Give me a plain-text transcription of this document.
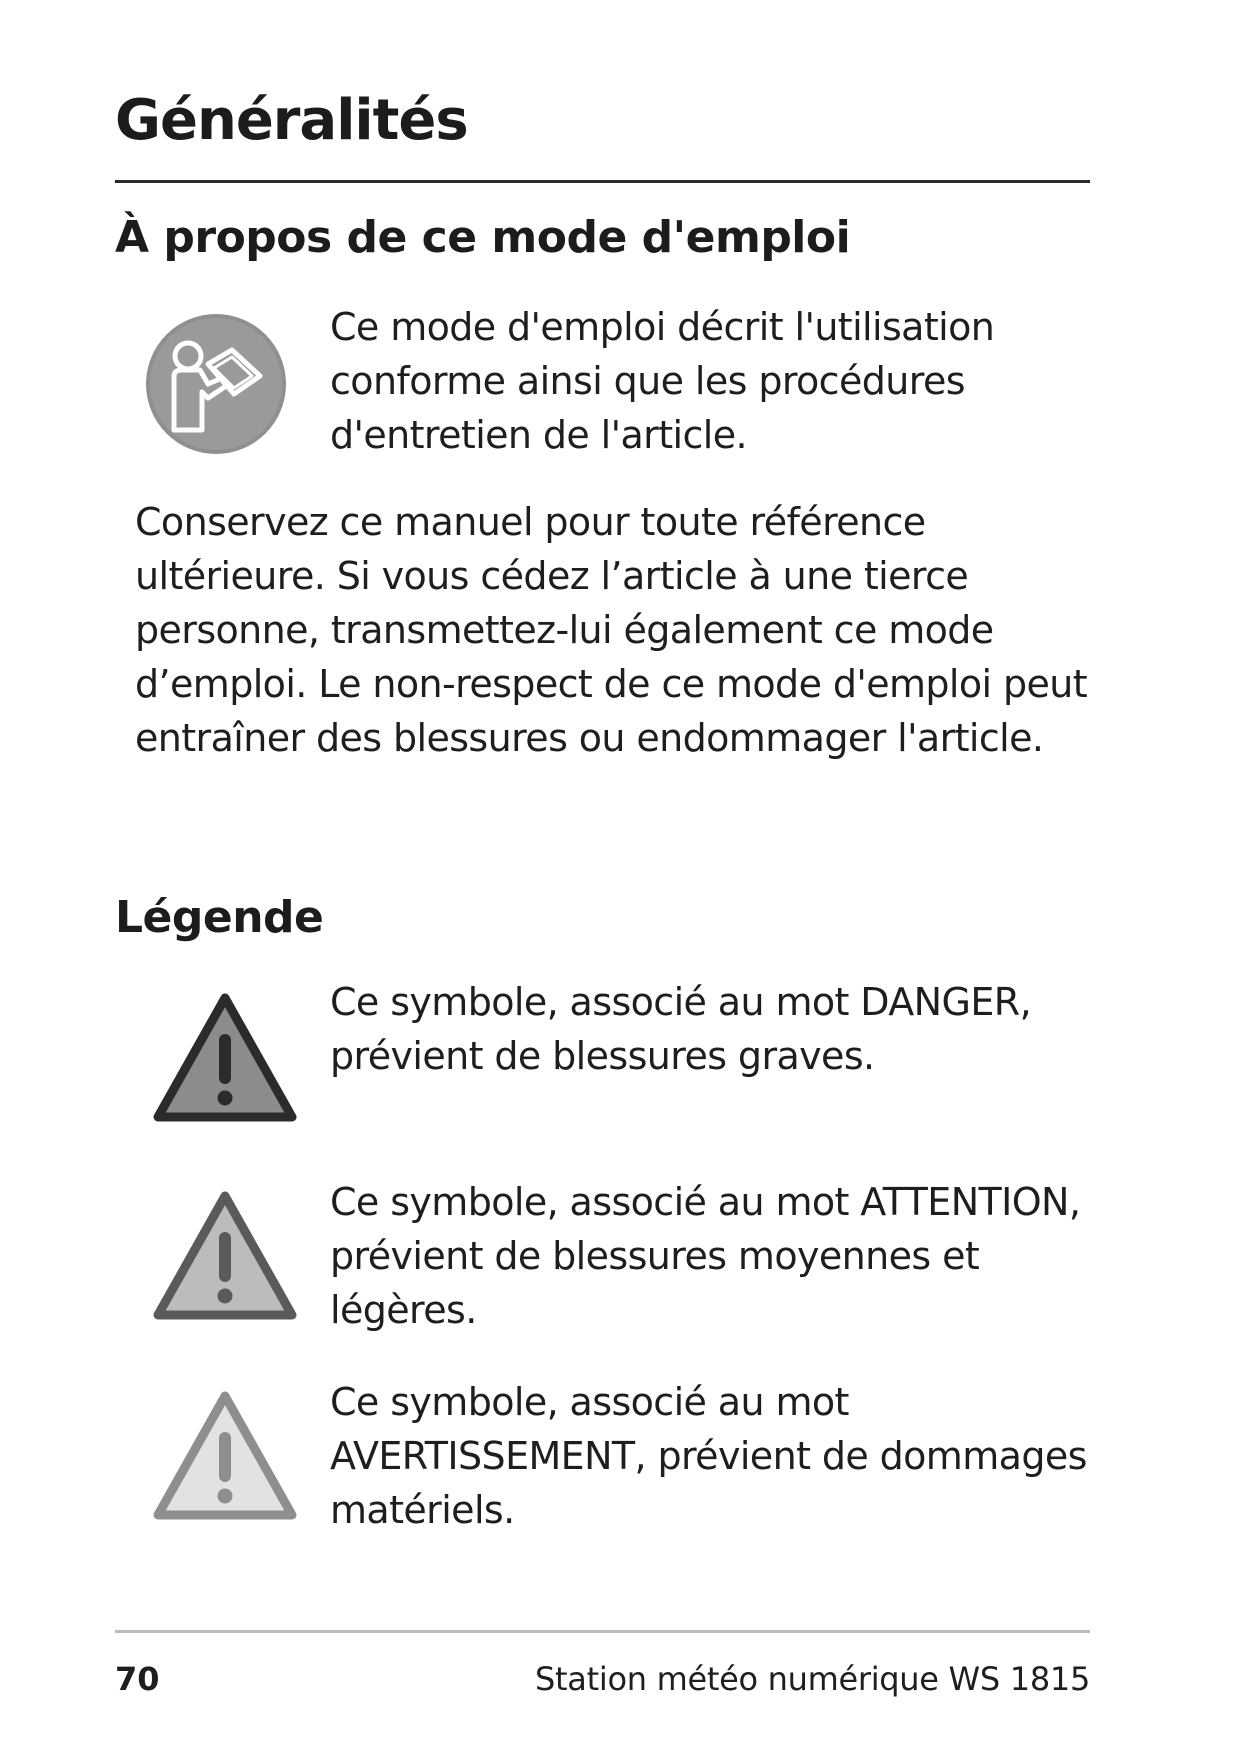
Généralités
À propos de ce mode d'emploi

Ce mode d'emploi décrit l'utilisation conforme ainsi que les procédures d'entretien de l'article.

Conservez ce manuel pour toute référence ultérieure. Si vous cédez l’article à une tierce personne, transmettez-lui également ce mode d’emploi. Le non-respect de ce mode d'emploi peut entraîner des blessures ou endommager l'article.

Légende

Ce symbole, associé au mot DANGER, prévient de blessures graves.

Ce symbole, associé au mot ATTENTION, prévient de blessures moyennes et légères.

Ce symbole, associé au mot AVERTISSEMENT, prévient de dommages matériels.

70	Station météo numérique WS 1815
